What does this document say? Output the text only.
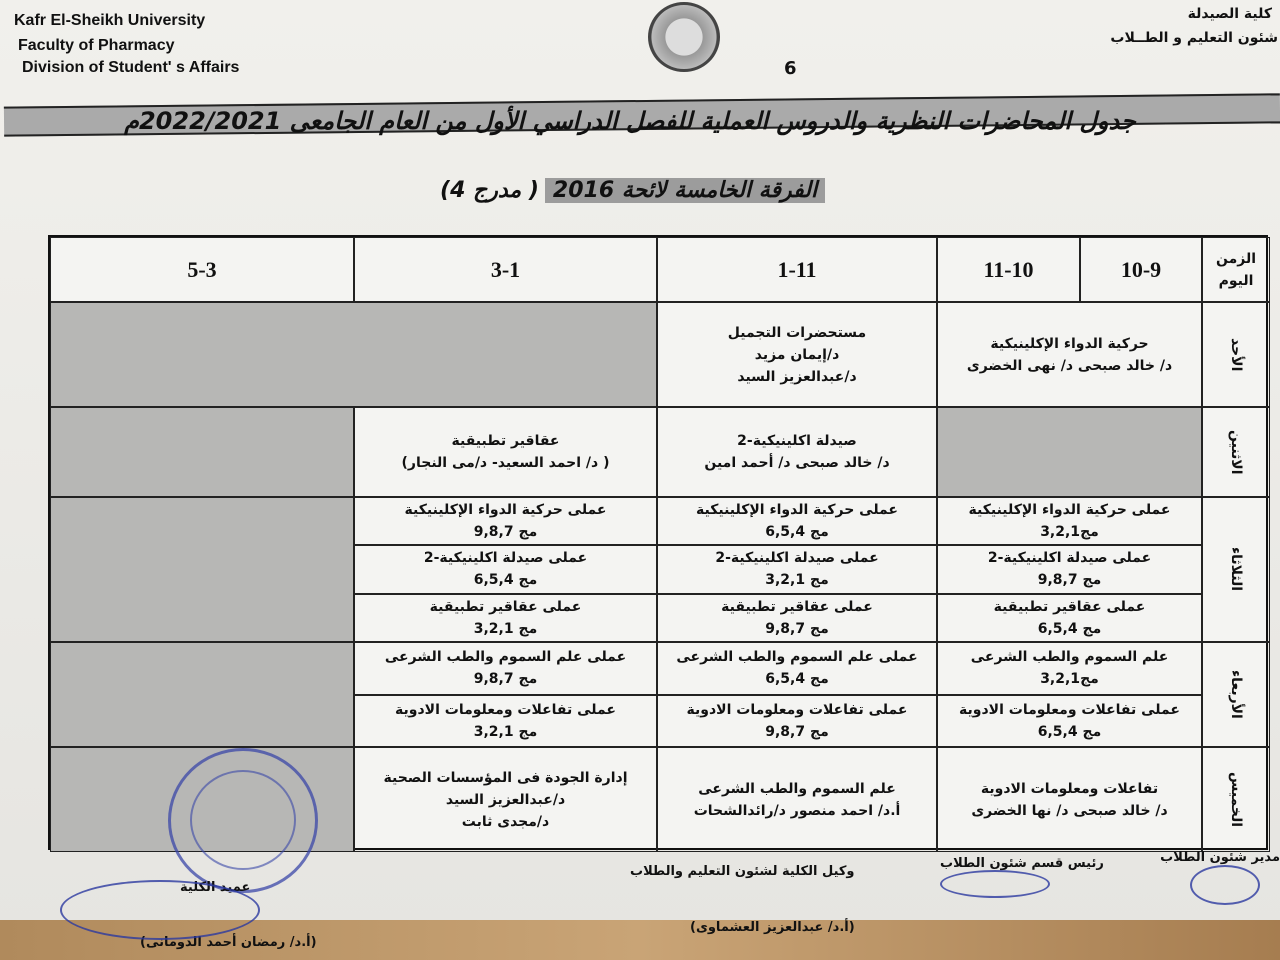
Kafr El-Sheikh University
Faculty of Pharmacy
Division of Student' s Affairs
كلية الصيدلة
شئون التعليم و الطــلاب
6
جدول المحاضرات النظرية والدروس العملية للفصل الدراسي الأول من العام الجامعى 2022/2021م
الفرقة الخامسة لائحة 2016
( مدرج 4)
الزمن
اليوم
10-9
11-10
1-11
3-1
5-3
الأحد
الاثنين
الثلاثاء
الأربعاء
الخميس
حركية الدواء الإكلينيكية
د/ خالد صبحى د/ نهى الخضرى
مستحضرات التجميل
د/إيمان مزيد
د/عبدالعزيز السيد
صيدلة اكلينيكية-2
د/ خالد صبحى د/ أحمد امين
عقاقير تطبيقية
( د/ احمد السعيد- د/مى النجار)
عملى حركية الدواء الإكلينيكية
مج3,2,1
عملى صيدلة اكلينيكية-2
مج 9,8,7
عملى عقاقير تطبيقية
مج 6,5,4
عملى حركية الدواء الإكلينيكية
مج 6,5,4
عملى صيدلة اكلينيكية-2
مج 3,2,1
عملى عقاقير تطبيقية
مج 9,8,7
عملى حركية الدواء الإكلينيكية
مج 9,8,7
عملى صيدلة اكلينيكية-2
مج 6,5,4
عملى عقاقير تطبيقية
مج 3,2,1
علم السموم والطب الشرعى
مج3,2,1
عملى تفاعلات ومعلومات الادوية
مج 6,5,4
عملى علم السموم والطب الشرعى
مج 6,5,4
عملى تفاعلات ومعلومات الادوية
مج 9,8,7
عملى علم السموم والطب الشرعى
مج 9,8,7
عملى تفاعلات ومعلومات الادوية
مج 3,2,1
تفاعلات ومعلومات الادوية
د/ خالد صبحى د/ نها الخضرى
علم السموم والطب الشرعى
أ.د/ احمد منصور د/رائدالشحات
إدارة الجودة فى المؤسسات الصحية
د/عبدالعزيز السيد
د/مجدى ثابت
مدير شئون الطلاب
رئيس قسم شئون الطلاب
وكيل الكلية لشئون التعليم والطلاب
(أ.د/ عبدالعزيز العشماوى)
عميد الكلية
(أ.د/ رمضان أحمد الدومانى)
